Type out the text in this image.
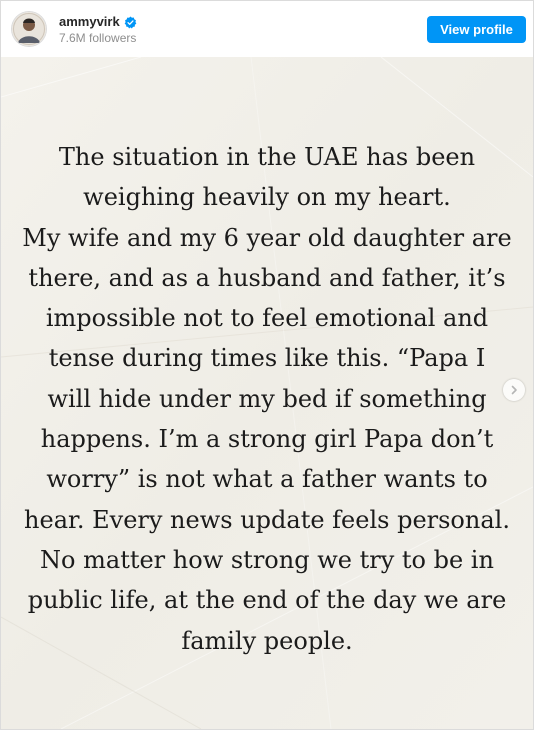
ammyvirk
7.6M followers
View profile

The situation in the UAE has been
weighing heavily on my heart.
My wife and my 6 year old daughter are
there, and as a husband and father, it’s
impossible not to feel emotional and
tense during times like this. “Papa I
will hide under my bed if something
happens. I’m a strong girl Papa don’t
worry” is not what a father wants to
hear. Every news update feels personal.
No matter how strong we try to be in
public life, at the end of the day we are
family people.
